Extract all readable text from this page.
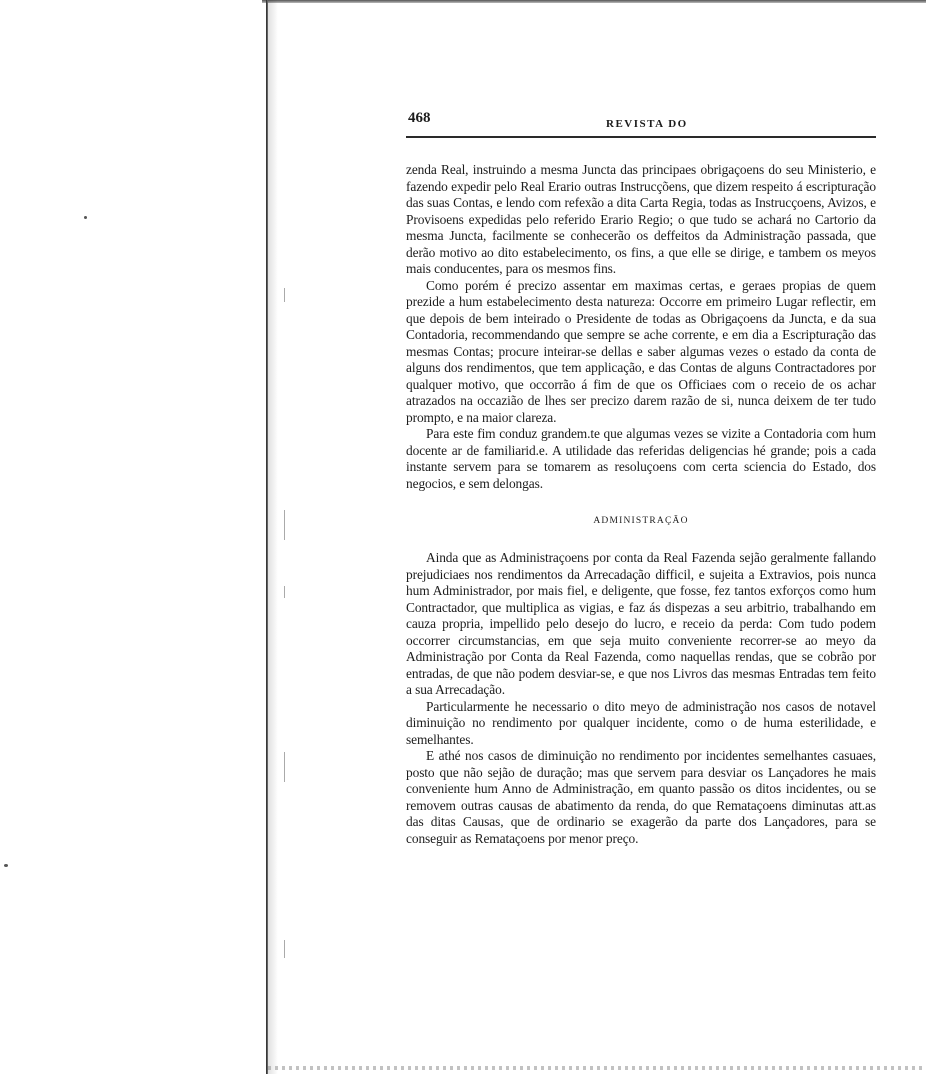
468	REVISTA DO

zenda Real, instruindo a mesma Juncta das principaes obrigaçoens do seu Ministerio, e fazendo expedir pelo Real Erario outras Instrucçõens, que dizem respeito á escripturação das suas Contas, e lendo com refexão a dita Carta Regia, todas as Instrucçoens, Avizos, e Provisoens expedidas pelo referido Erario Regio; o que tudo se achará no Cartorio da mesma Juncta, facilmente se conhecerão os deffeitos da Administração passada, que derão motivo ao dito estabelecimento, os fins, a que elle se dirige, e tambem os meyos mais conducentes, para os mesmos fins.

Como porém é precizo assentar em maximas certas, e geraes propias de quem prezide a hum estabelecimento desta natureza: Occorre em primeiro Lugar reflectir, em que depois de bem inteirado o Presidente de todas as Obrigaçoens da Juncta, e da sua Contadoria, recommendando que sempre se ache corrente, e em dia a Escripturação das mesmas Contas; procure inteirar-se dellas e saber algumas vezes o estado da conta de alguns dos rendimentos, que tem applicação, e das Contas de alguns Contractadores por qualquer motivo, que occorrão á fim de que os Officiaes com o receio de os achar atrazados na occazião de lhes ser precizo darem razão de si, nunca deixem de ter tudo prompto, e na maior clareza.

Para este fim conduz grandem.te que algumas vezes se vizite a Contadoria com hum docente ar de familiarid.e. A utilidade das referidas deligencias hé grande; pois a cada instante servem para se tomarem as resoluçoens com certa sciencia do Estado, dos negocios, e sem delongas.

ADMINISTRAÇÃO

Ainda que as Administraçoens por conta da Real Fazenda sejão geralmente fallando prejudiciaes nos rendimentos da Arrecadação difficil, e sujeita a Extravios, pois nunca hum Administrador, por mais fiel, e deligente, que fosse, fez tantos exforços como hum Contractador, que multiplica as vigias, e faz ás dispezas a seu arbitrio, trabalhando em cauza propria, impellido pelo desejo do lucro, e receio da perda: Com tudo podem occorrer circumstancias, em que seja muito conveniente recorrer-se ao meyo da Administração por Conta da Real Fazenda, como naquellas rendas, que se cobrão por entradas, de que não podem desviar-se, e que nos Livros das mesmas Entradas tem feito a sua Arrecadação.

Particularmente he necessario o dito meyo de administração nos casos de notavel diminuição no rendimento por qualquer incidente, como o de huma esterilidade, e semelhantes.

E athé nos casos de diminuição no rendimento por incidentes semelhantes casuaes, posto que não sejão de duração; mas que servem para desviar os Lançadores he mais conveniente hum Anno de Administração, em quanto passão os ditos incidentes, ou se removem outras causas de abatimento da renda, do que Remataçoens diminutas att.as das ditas Causas, que de ordinario se exagerão da parte dos Lançadores, para se conseguir as Remataçoens por menor preço.
